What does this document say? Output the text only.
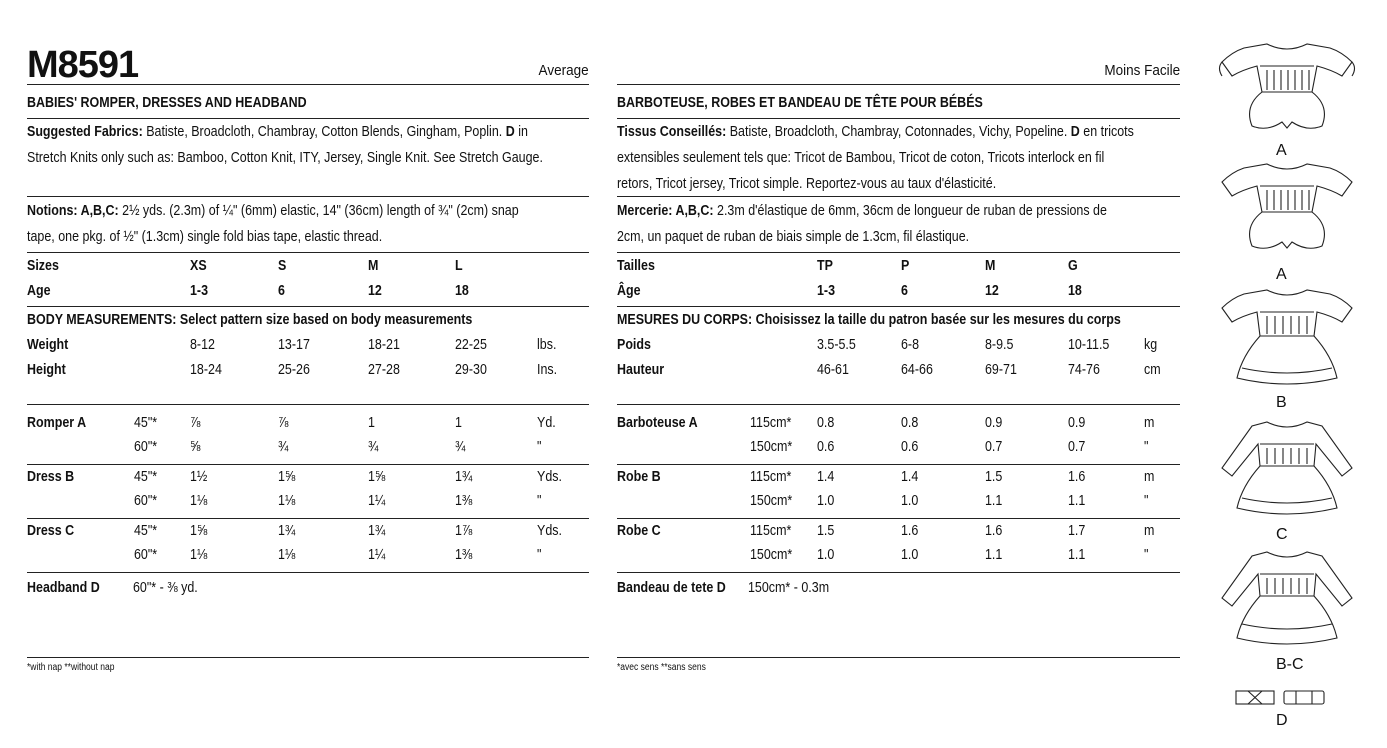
M8591	Average
BABIES' ROMPER, DRESSES AND HEADBAND
Suggested Fabrics: Batiste, Broadcloth, Chambray, Cotton Blends, Gingham, Poplin. D in
Stretch Knits only such as: Bamboo, Cotton Knit, ITY, Jersey, Single Knit. See Stretch Gauge.
Notions: A,B,C: 2½ yds. (2.3m) of ¼" (6mm) elastic, 14" (36cm) length of ¾" (2cm) snap
tape, one pkg. of ½" (1.3cm) single fold bias tape, elastic thread.
Sizes
Age
XS	S	M	L
1-3	6	12	18
BODY MEASUREMENTS: Select pattern size based on body measurements
Weight
Height
8-12	13-17	18-21	22-25
18-24	25-26	27-28	29-30
lbs.
Ins.
Romper A	45"* ⅞	⅞	1	1	Yd.
60"* ⅝	¾	¾	¾	"
Dress B	45"* 1½	1⅝	1⅝	1¾	Yds.
60"* 1⅛	1⅛	1¼	1⅜	"
Dress C	45"* 1⅝	1¾	1¾	1⅞	Yds.
60"* 1⅛	1⅛	1¼	1⅜	"
Headband D 60"* - ⅜ yd.
*with nap **without nap
Moins Facile
BARBOTEUSE, ROBES ET BANDEAU DE TÊTE POUR BÉBÉS
Tissus Conseillés: Batiste, Broadcloth, Chambray, Cotonnades, Vichy, Popeline. D en tricots
extensibles seulement tels que: Tricot de Bambou, Tricot de coton, Tricots interlock en fil
retors, Tricot jersey, Tricot simple. Reportez-vous au taux d'élasticité.
Mercerie: A,B,C: 2.3m d'élastique de 6mm, 36cm de longueur de ruban de pressions de
2cm, un paquet de ruban de biais simple de 1.3cm, fil élastique.
Tailles
Âge
TP	P	M	G
1-3	6	12	18
MESURES DU CORPS: Choisissez la taille du patron basée sur les mesures du corps
Poids
Hauteur
3.5-5.5	6-8	8-9.5	10-11.5
46-61	64-66	69-71	74-76
kg
cm
Barboteuse A	115cm* 0.8	0.8	0.9	0.9	m
150cm* 0.6	0.6	0.7	0.7	"
Robe B	115cm* 1.4	1.4	1.5	1.6	m
150cm* 1.0	1.0	1.1	1.1	"
Robe C	115cm* 1.5	1.6	1.6	1.7	m
150cm* 1.0	1.0	1.1	1.1	"
Bandeau de tete D 150cm* - 0.3m
*avec sens **sans sens
A
A
B
C
B-C
D
